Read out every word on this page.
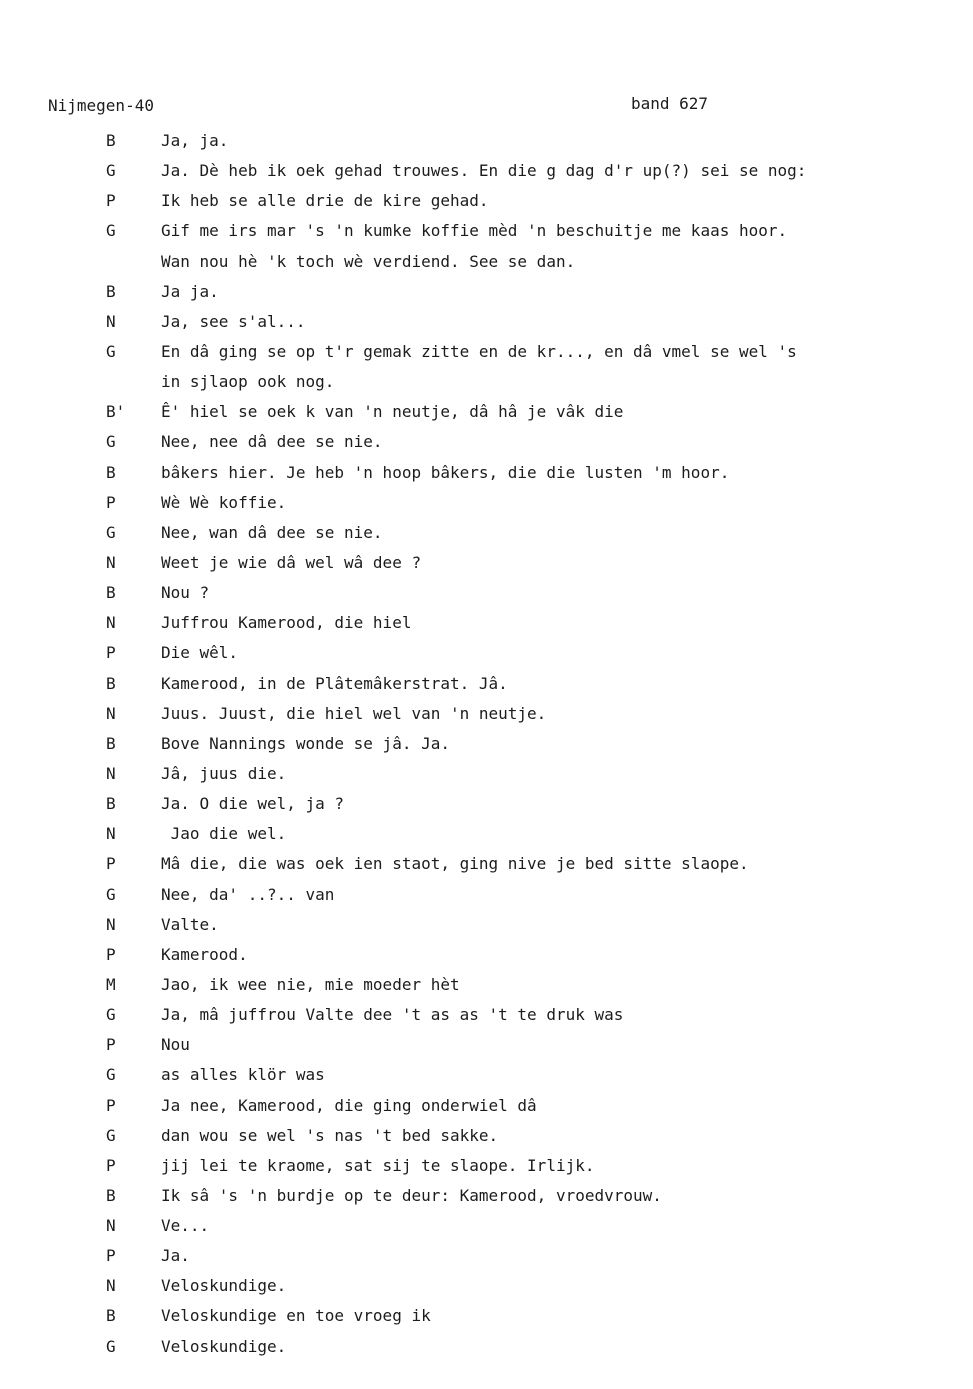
Nijmegen-40	band 627
B	Ja, ja.
G	Ja. Dè heb ik oek gehad trouwes. En die g dag d'r up(?) sei se nog:
P	Ik heb se alle drie de kire gehad.
G	Gif me irs mar 's 'n kumke koffie mèd 'n beschuitje me kaas hoor.
Wan nou hè 'k toch wè verdiend. See se dan.
B	Ja ja.
N	Ja, see s'al...
G	En dâ ging se op t'r gemak zitte en de kr..., en dâ vmel se wel 's
in sjlaop ook nog.
B' Ê' hiel se oek k van 'n neutje, dâ hâ je vâk die
G	Nee, nee dâ dee se nie.
B	bâkers hier. Je heb 'n hoop bâkers, die die lusten 'm hoor.
P	Wè Wè koffie.
G	Nee, wan dâ dee se nie.
N	Weet je wie dâ wel wâ dee ?
B	Nou ?
N	Juffrou Kamerood, die hiel
P	Die wêl.
B	Kamerood, in de Plâtemâkerstrat. Jâ.
N	Juus. Juust, die hiel wel van 'n neutje.
B	Bove Nannings wonde se jâ. Ja.
N	Jâ, juus die.
B	Ja. O die wel, ja ?
N	Jao die wel.
P	Mâ die, die was oek ien staot, ging nive je bed sitte slaope.
G	Nee, da' ..?.. van
N	Valte.
P	Kamerood.
M	Jao, ik wee nie, mie moeder hèt
G	Ja, mâ juffrou Valte dee 't as as 't te druk was
P	Nou
G	as alles klör was
P	Ja nee, Kamerood, die ging onderwiel dâ
G	dan wou se wel 's nas 't bed sakke.
P	jij lei te kraome, sat sij te slaope. Irlijk.
B	Ik sâ 's 'n burdje op te deur: Kamerood, vroedvrouw.
N	Ve...
P	Ja.
N	Veloskundige.
B	Veloskundige en toe vroeg ik
G	Veloskundige.
